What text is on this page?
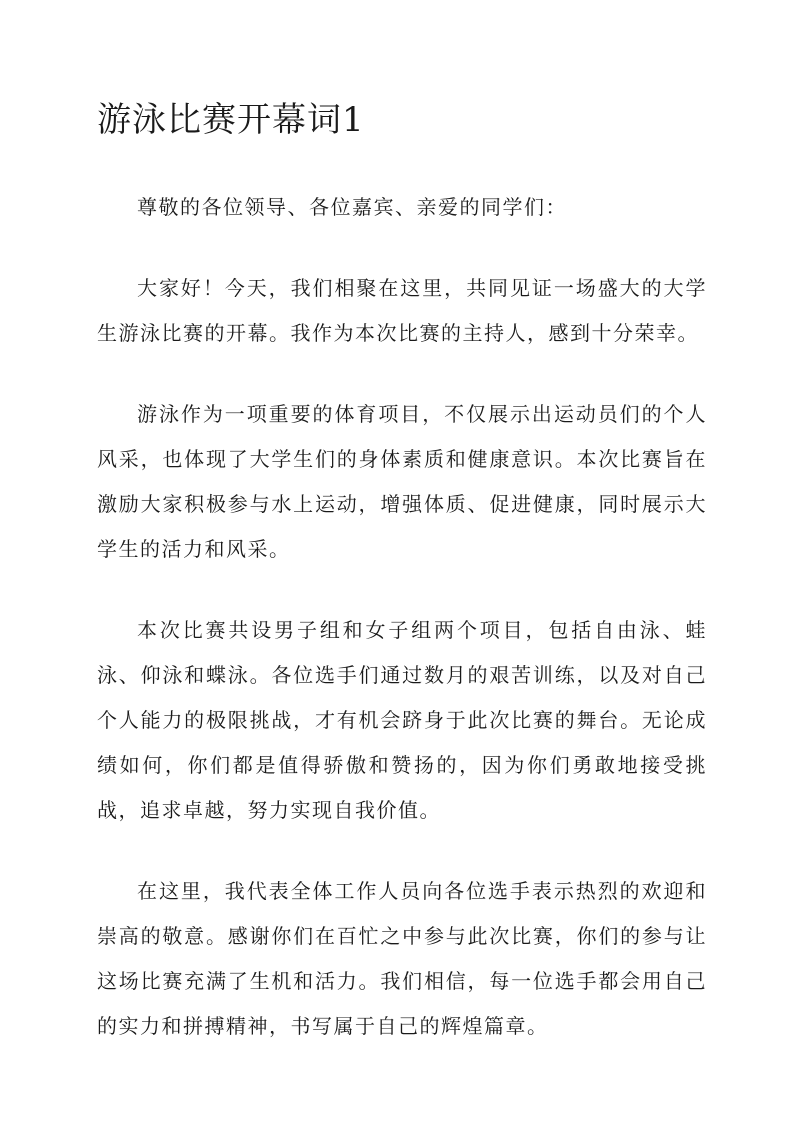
游泳比赛开幕词1

尊敬的各位领导、各位嘉宾、亲爱的同学们：

大家好！今天，我们相聚在这里，共同见证一场盛大的大学生游泳比赛的开幕。我作为本次比赛的主持人，感到十分荣幸。

游泳作为一项重要的体育项目，不仅展示出运动员们的个人风采，也体现了大学生们的身体素质和健康意识。本次比赛旨在激励大家积极参与水上运动，增强体质、促进健康，同时展示大学生的活力和风采。

本次比赛共设男子组和女子组两个项目，包括自由泳、蛙泳、仰泳和蝶泳。各位选手们通过数月的艰苦训练，以及对自己个人能力的极限挑战，才有机会跻身于此次比赛的舞台。无论成绩如何，你们都是值得骄傲和赞扬的，因为你们勇敢地接受挑战，追求卓越，努力实现自我价值。

在这里，我代表全体工作人员向各位选手表示热烈的欢迎和崇高的敬意。感谢你们在百忙之中参与此次比赛，你们的参与让这场比赛充满了生机和活力。我们相信，每一位选手都会用自己的实力和拼搏精神，书写属于自己的辉煌篇章。
